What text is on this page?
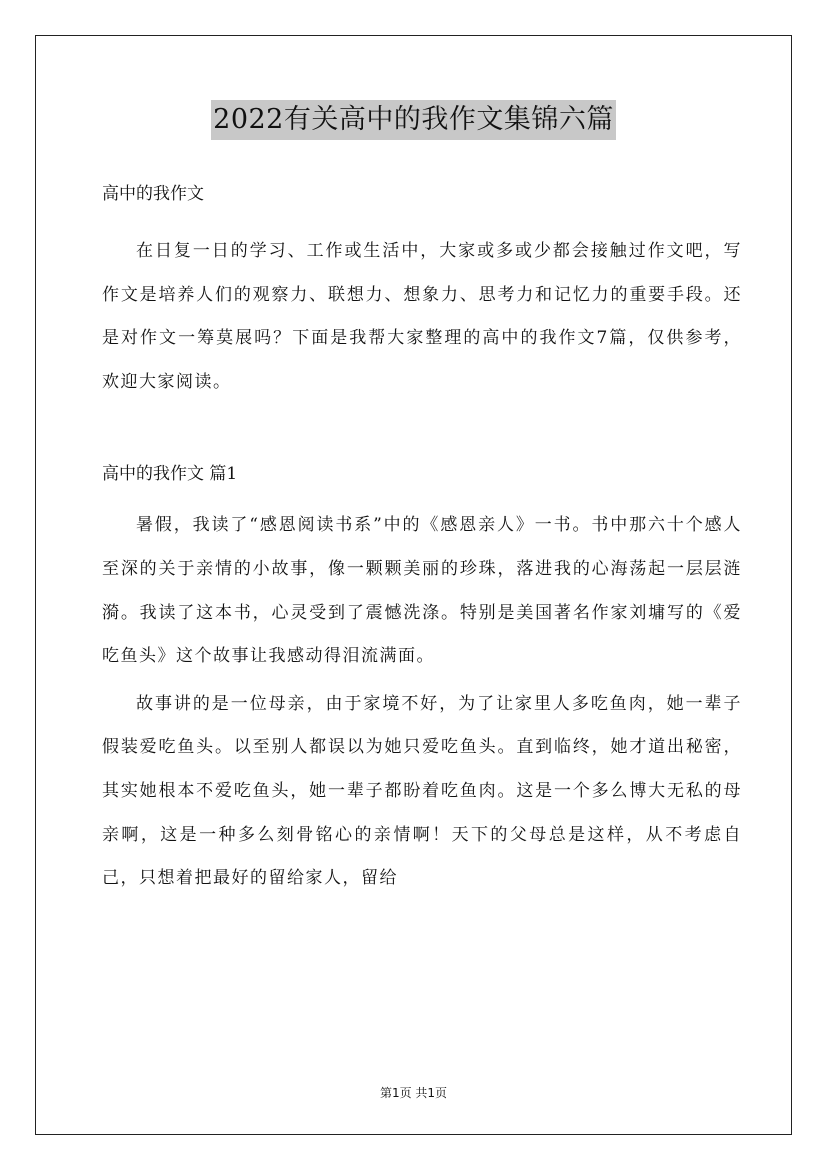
2022有关高中的我作文集锦六篇

高中的我作文

在日复一日的学习、工作或生活中，大家或多或少都会接触过作文吧，写作文是培养人们的观察力、联想力、想象力、思考力和记忆力的重要手段。还是对作文一筹莫展吗？下面是我帮大家整理的高中的我作文7篇，仅供参考，欢迎大家阅读。

高中的我作文 篇1

暑假，我读了“感恩阅读书系”中的《感恩亲人》一书。书中那六十个感人至深的关于亲情的小故事，像一颗颗美丽的珍珠，落进我的心海荡起一层层涟漪。我读了这本书，心灵受到了震憾洗涤。特别是美国著名作家刘墉写的《爱吃鱼头》这个故事让我感动得泪流满面。

故事讲的是一位母亲，由于家境不好，为了让家里人多吃鱼肉，她一辈子假装爱吃鱼头。以至别人都误以为她只爱吃鱼头。直到临终，她才道出秘密，其实她根本不爱吃鱼头，她一辈子都盼着吃鱼肉。这是一个多么博大无私的母亲啊，这是一种多么刻骨铭心的亲情啊！天下的父母总是这样，从不考虑自己，只想着把最好的留给家人，留给

第1页 共1页
